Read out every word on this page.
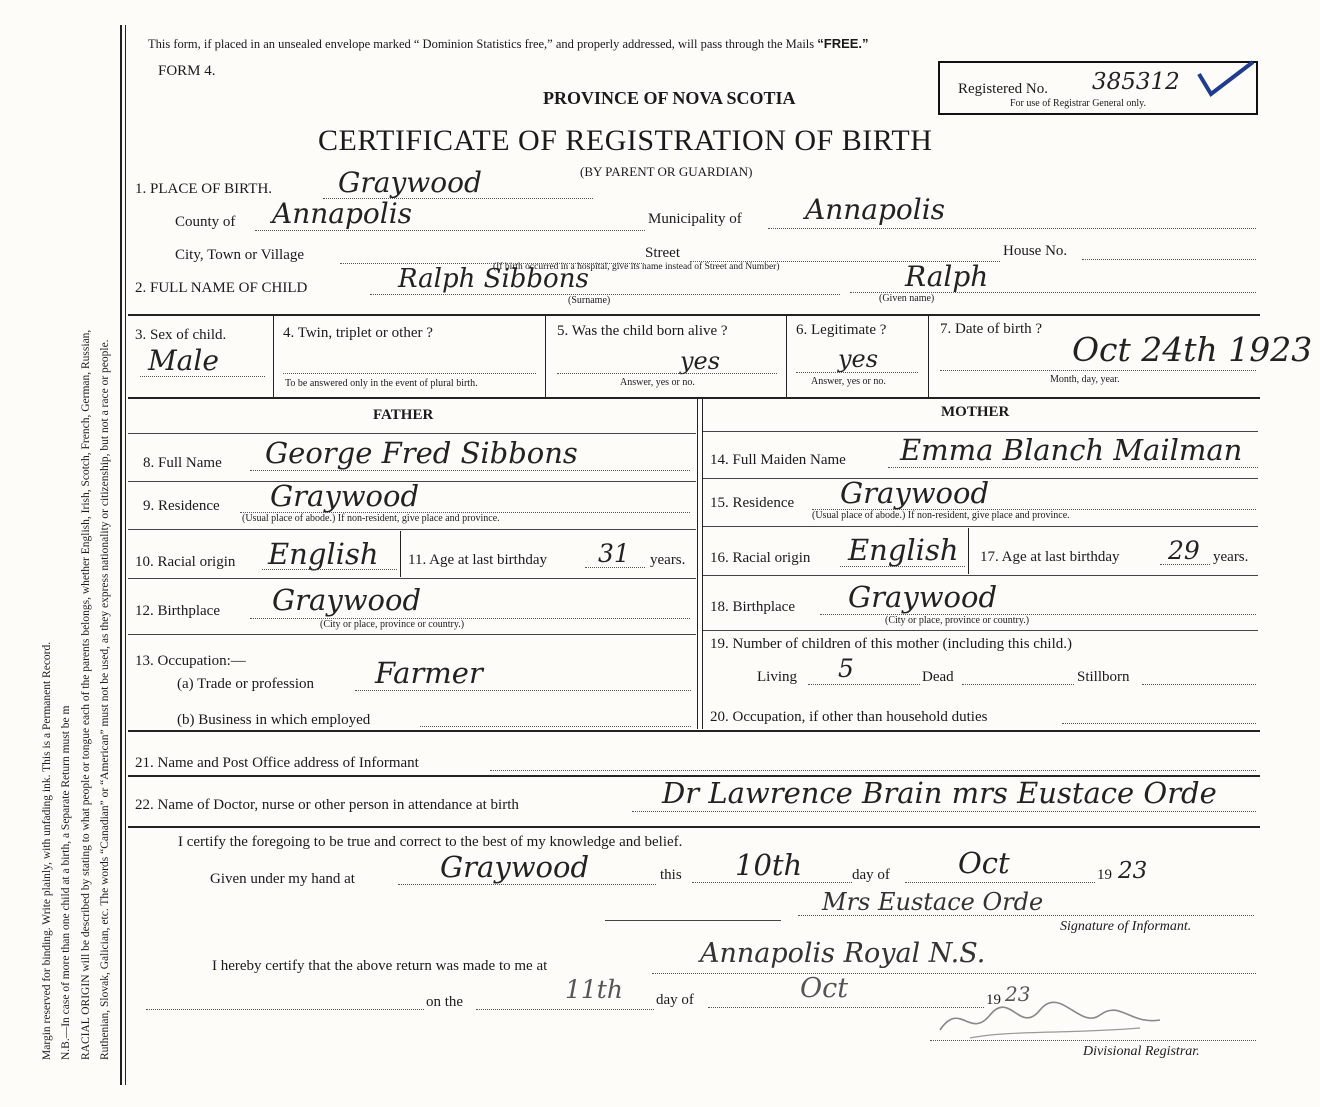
Margin reserved for binding. Write plainly, with unfading ink. This is a Permanent Record. N.B.—In case of more than one child at a birth, a Separate Return must be m RACIAL ORIGIN will be described by stating to what people or tongue each of the parents belongs, whether English, Irish, Scotch, French, German, Russian, Ruthenian, Slovak, Galician, etc. The words “Canadian” or “American” must not be used, as they express nationality or citizenship, but not a race or people.
This form, if placed in an unsealed envelope marked “ Dominion Statistics free,” and properly addressed, will pass through the Mails “FREE.”
FORM 4.
PROVINCE OF NOVA SCOTIA
CERTIFICATE OF REGISTRATION OF BIRTH
(BY PARENT OR GUARDIAN)
Registered No. 385312
For use of Registrar General only.
1. PLACE OF BIRTH. Graywood
County of Annapolis	Municipality of Annapolis
City, Town or Village	Street	House No.
(If birth occurred in a hospital, give its name instead of Street and Number)
2. FULL NAME OF CHILD	Ralph Sibbons
(Surname)
Ralph
(Given name)
3. Sex of child.
Male
4. Twin, triplet or other ?
To be answered only in the event of plural birth.
5. Was the child born alive ?
yes
Answer, yes or no.
6. Legitimate ?
yes
Answer, yes or no.
7. Date of birth ?
Oct 24th 1923
Month, day, year.
FATHER	MOTHER
8. Full Name George Fred Sibbons
9. Residence Graywood
(Usual place of abode.) If non-resident, give place and province.
10. Racial origin English 11. Age at last birthday 31 years.
12. Birthplace Graywood
(City or place, province or country.)
13. Occupation:—
(a) Trade or profession Farmer
(b) Business in which employed
14. Full Maiden Name Emma Blanch Mailman
15. Residence Graywood
(Usual place of abode.) If non-resident, give place and province.
16. Racial origin English 17. Age at last birthday 29 years.
18. Birthplace Graywood
(City or place, province or country.)
19. Number of children of this mother (including this child.)
Living 5	Dead	Stillborn
20. Occupation, if other than household duties
21. Name and Post Office address of Informant
22. Name of Doctor, nurse or other person in attendance at birth	Dr Lawrence Brain mrs Eustace Orde
I certify the foregoing to be true and correct to the best of my knowledge and belief.
Given under my hand at	Graywood	this 10th	day of Oct	19 23
Mrs Eustace Orde
Signature of Informant.
I hereby certify that the above return was made to me at	Annapolis Royal N.S.
on the	11th day of	Oct	19 23
Divisional Registrar.
